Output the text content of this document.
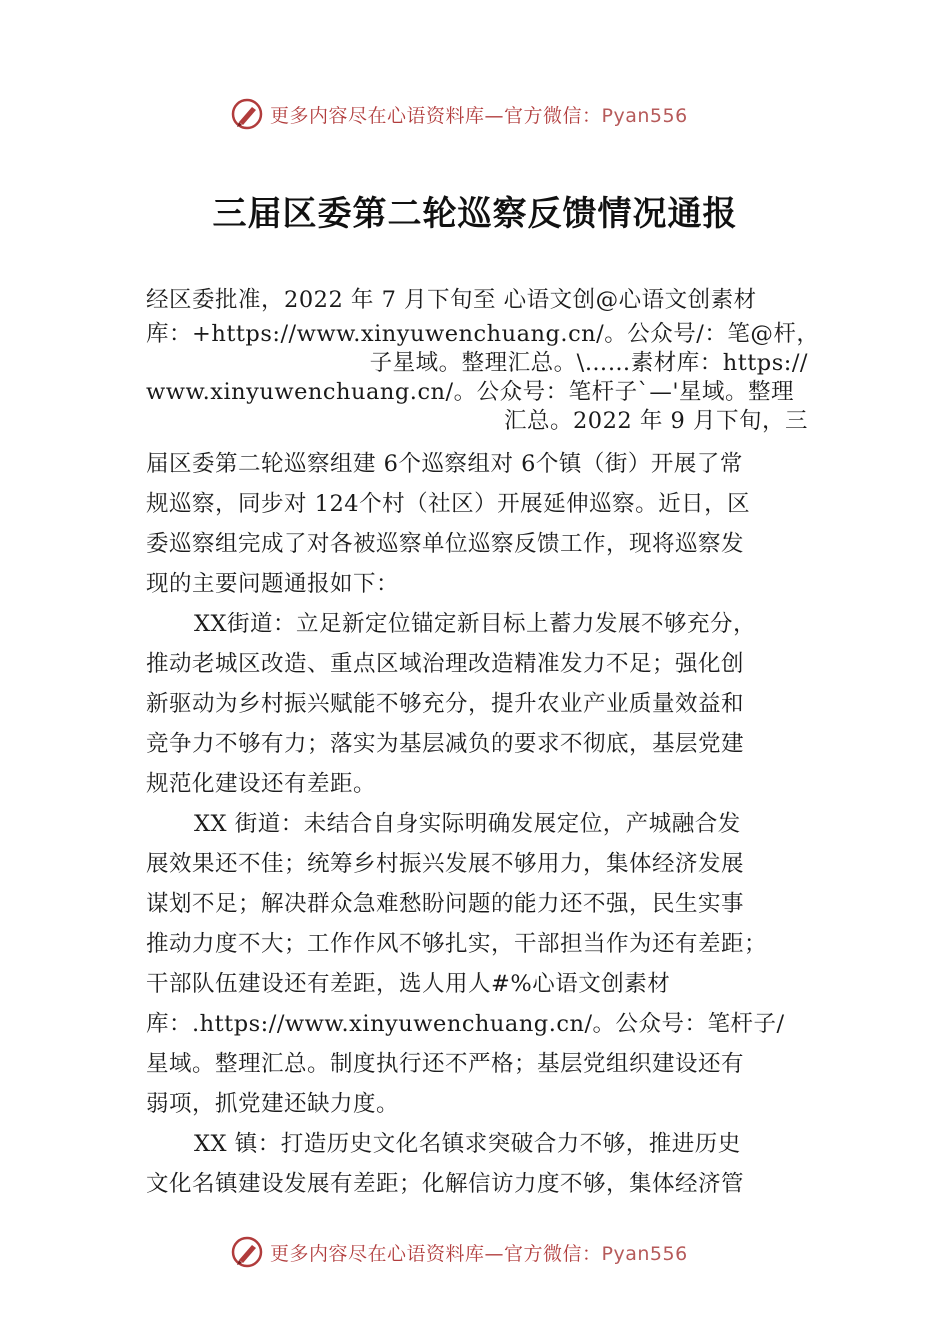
更多内容尽在心语资料库—官方微信：Pyan556
三届区委第二轮巡察反馈情况通报
经区委批准，2022 年 7 月下旬至 心语文创@心语文创素材
库：+https://www.xinyuwenchuang.cn/。公众号/：笔@杆，
子星域。整理汇总。\……素材库：https://
www.xinyuwenchuang.cn/。公众号：笔杆子`—'星域。整理
汇总。2022 年 9 月下旬，三
届区委第二轮巡察组建 6个巡察组对 6个镇（街）开展了常
规巡察，同步对 124个村（社区）开展延伸巡察。近日，区
委巡察组完成了对各被巡察单位巡察反馈工作，现将巡察发
现的主要问题通报如下：
XX街道：立足新定位锚定新目标上蓄力发展不够充分，
推动老城区改造、重点区域治理改造精准发力不足；强化创
新驱动为乡村振兴赋能不够充分，提升农业产业质量效益和
竞争力不够有力；落实为基层减负的要求不彻底，基层党建
规范化建设还有差距。
XX 街道：未结合自身实际明确发展定位，产城融合发
展效果还不佳；统筹乡村振兴发展不够用力，集体经济发展
谋划不足；解决群众急难愁盼问题的能力还不强，民生实事
推动力度不大；工作作风不够扎实，干部担当作为还有差距；
干部队伍建设还有差距，选人用人#%心语文创素材
库：.https://www.xinyuwenchuang.cn/。公众号：笔杆子/
星域。整理汇总。制度执行还不严格；基层党组织建设还有
弱项，抓党建还缺力度。
XX 镇：打造历史文化名镇求突破合力不够，推进历史
文化名镇建设发展有差距；化解信访力度不够，集体经济管
更多内容尽在心语资料库—官方微信：Pyan556
